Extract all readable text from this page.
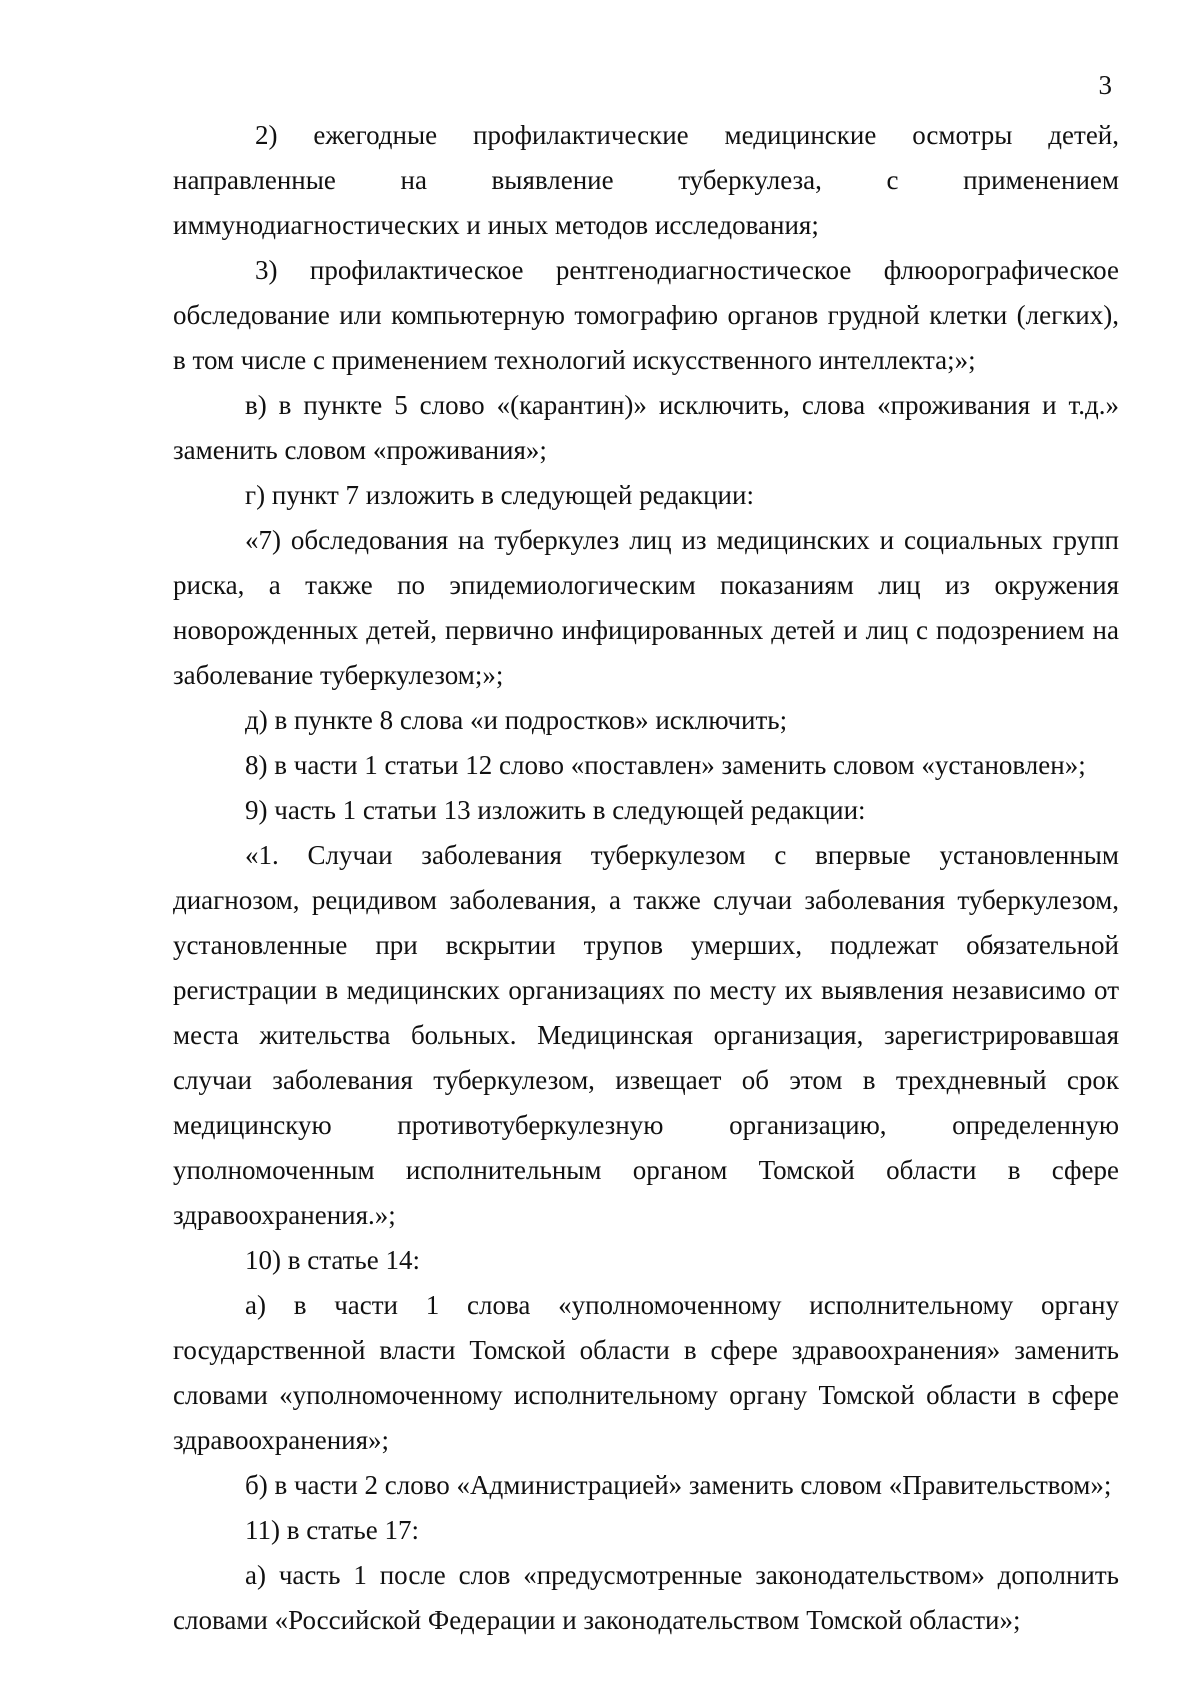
3

2) ежегодные профилактические медицинские осмотры детей, направленные на выявление туберкулеза, с применением иммунодиагностических и иных методов исследования;

3) профилактическое рентгенодиагностическое флюорографическое обследование или компьютерную томографию органов грудной клетки (легких), в том числе с применением технологий искусственного интеллекта;»;

в) в пункте 5 слово «(карантин)» исключить, слова «проживания и т.д.» заменить словом «проживания»;

г) пункт 7 изложить в следующей редакции:

«7) обследования на туберкулез лиц из медицинских и социальных групп риска, а также по эпидемиологическим показаниям лиц из окружения новорожденных детей, первично инфицированных детей и лиц с подозрением на заболевание туберкулезом;»;

д) в пункте 8 слова «и подростков» исключить;

8) в части 1 статьи 12 слово «поставлен» заменить словом «установлен»;

9) часть 1 статьи 13 изложить в следующей редакции:

«1. Случаи заболевания туберкулезом с впервые установленным диагнозом, рецидивом заболевания, а также случаи заболевания туберкулезом, установленные при вскрытии трупов умерших, подлежат обязательной регистрации в медицинских организациях по месту их выявления независимо от места жительства больных. Медицинская организация, зарегистрировавшая случаи заболевания туберкулезом, извещает об этом в трехдневный срок медицинскую противотуберкулезную организацию, определенную уполномоченным исполнительным органом Томской области в сфере здравоохранения.»;

10) в статье 14:

а) в части 1 слова «уполномоченному исполнительному органу государственной власти Томской области в сфере здравоохранения» заменить словами «уполномоченному исполнительному органу Томской области в сфере здравоохранения»;

б) в части 2 слово «Администрацией» заменить словом «Правительством»;

11) в статье 17:

а) часть 1 после слов «предусмотренные законодательством» дополнить словами «Российской Федерации и законодательством Томской области»;
